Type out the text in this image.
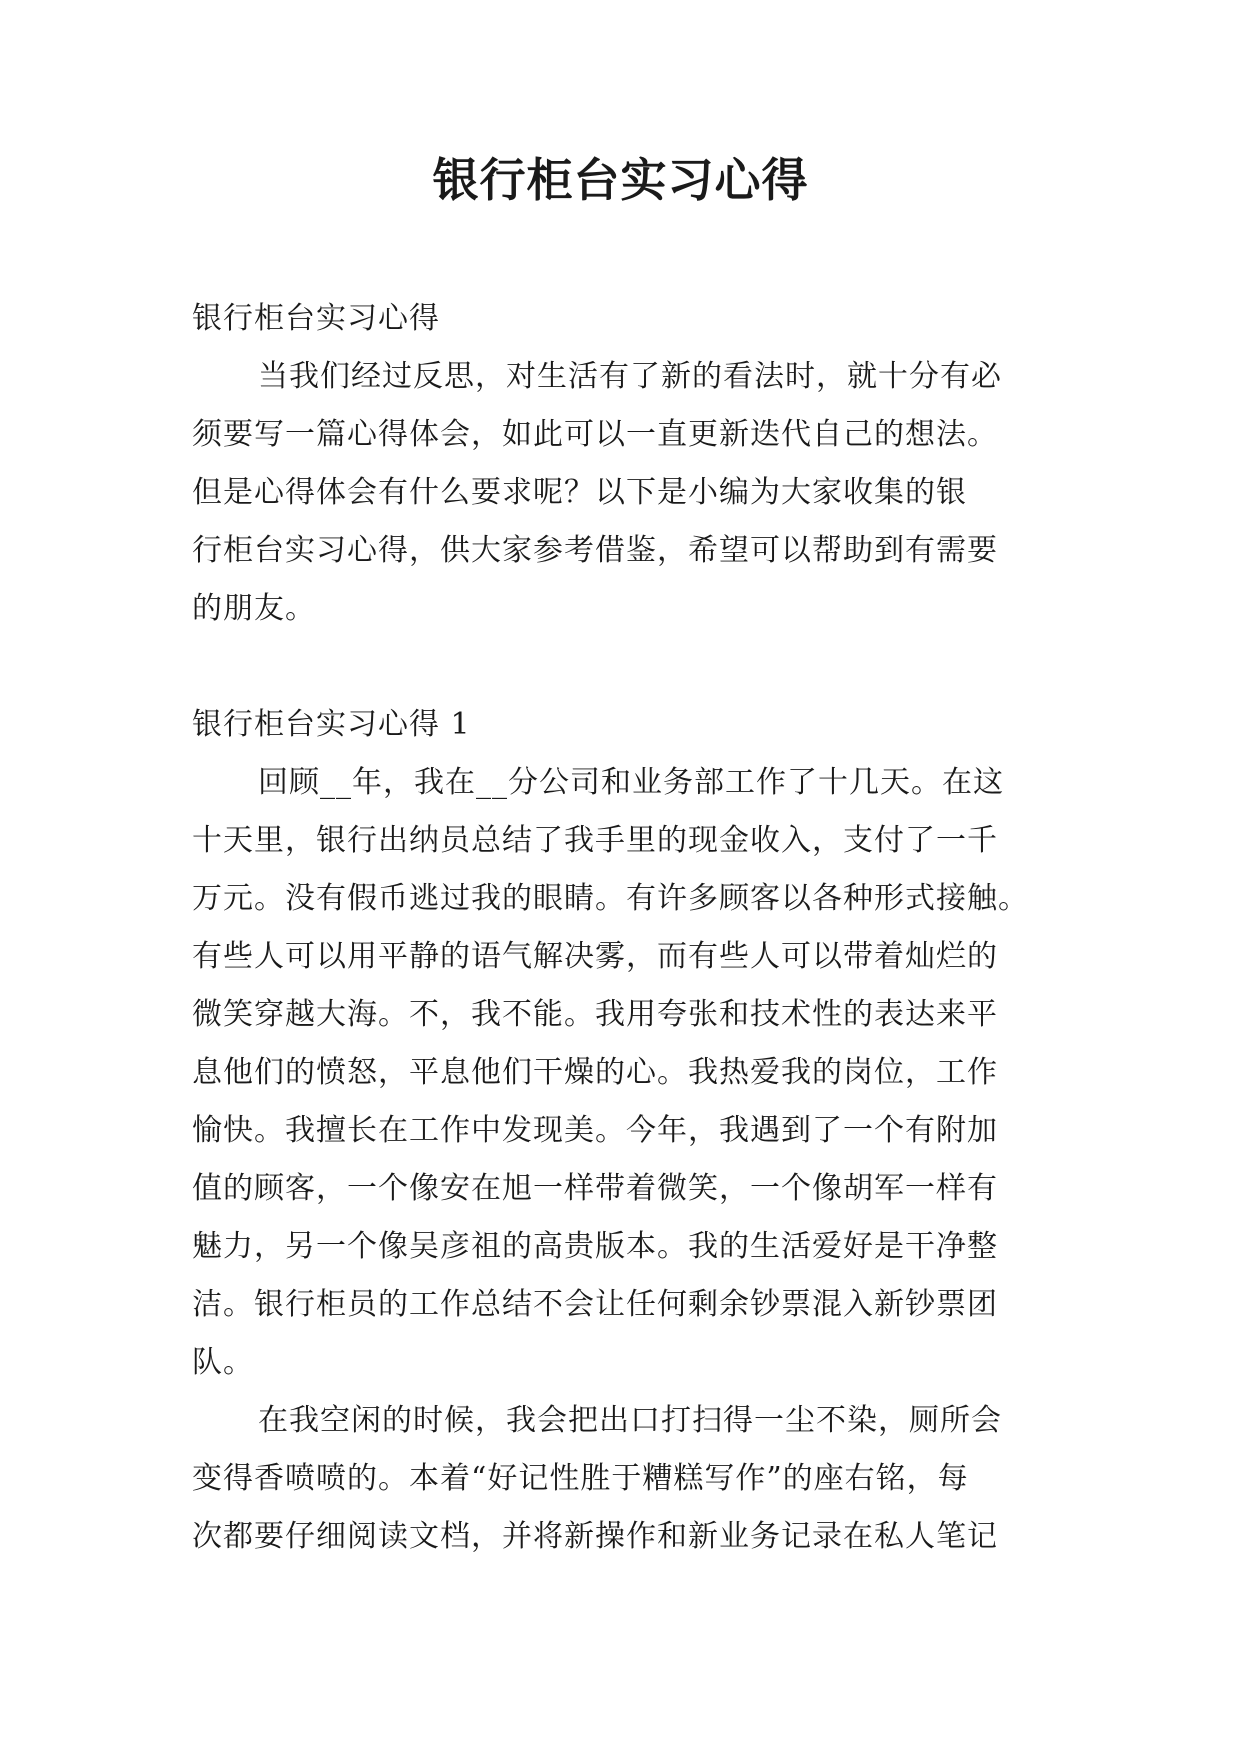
银行柜台实习心得
银行柜台实习心得
当我们经过反思，对生活有了新的看法时，就十分有必
须要写一篇心得体会，如此可以一直更新迭代自己的想法。
但是心得体会有什么要求呢？以下是小编为大家收集的银
行柜台实习心得，供大家参考借鉴，希望可以帮助到有需要
的朋友。
银行柜台实习心得 1
回顾__年，我在__分公司和业务部工作了十几天。在这
十天里，银行出纳员总结了我手里的现金收入，支付了一千
万元。没有假币逃过我的眼睛。有许多顾客以各种形式接触。
有些人可以用平静的语气解决雾，而有些人可以带着灿烂的
微笑穿越大海。不，我不能。我用夸张和技术性的表达来平
息他们的愤怒，平息他们干燥的心。我热爱我的岗位，工作
愉快。我擅长在工作中发现美。今年，我遇到了一个有附加
值的顾客，一个像安在旭一样带着微笑，一个像胡军一样有
魅力，另一个像吴彦祖的高贵版本。我的生活爱好是干净整
洁。银行柜员的工作总结不会让任何剩余钞票混入新钞票团
队。
在我空闲的时候，我会把出口打扫得一尘不染，厕所会
变得香喷喷的。本着“好记性胜于糟糕写作”的座右铭，每
次都要仔细阅读文档，并将新操作和新业务记录在私人笔记
